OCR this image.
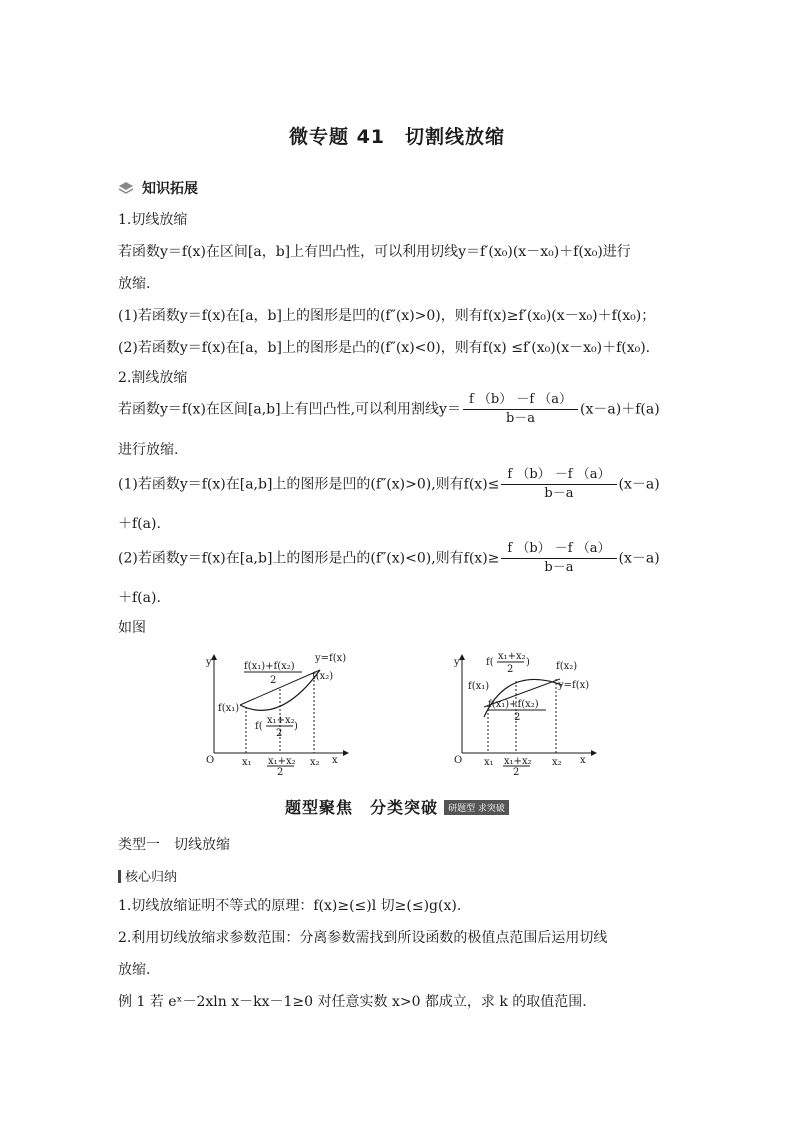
微专题 41　切割线放缩
知识拓展
1.切线放缩
若函数y＝f(x)在区间[a，b]上有凹凸性，可以利用切线y＝f′(x₀)(x－x₀)＋f(x₀)进行
放缩.
(1)若函数y＝f(x)在[a，b]上的图形是凹的(f″(x)>0)，则有f(x)≥f′(x₀)(x－x₀)＋f(x₀)；
(2)若函数y＝f(x)在[a，b]上的图形是凸的(f″(x)<0)，则有f(x) ≤f′(x₀)(x－x₀)＋f(x₀).
2.割线放缩
若函数y＝f(x)在区间[a,b]上有凹凸性,可以利用割线$y= \frac{f (b) -f (a)}{b-a} (x-a)+f(a)$
进行放缩.
(1)若函数y＝f(x)在[a,b]上的图形是凹的(f″(x)>0),则有$f(x)\le \frac{f (b) -f (a)}{b-a} (x-a)$
＋f(a).
(2)若函数y＝f(x)在[a,b]上的图形是凸的(f″(x)<0),则有$f(x)\ge \frac{f (b) -f (a)}{b-a} (x-a)$
＋f(a).
如图
y
O	x
x₁ x₁+x₂
2
x₂
y=f(x)
f(x₂)
f(x₁)
f(x₁)+f(x₂)
2
f(
x₁+x₂
2
)
y
O	x
x₁ x₁+x₂
2
x₂
y=f(x)
f(x₂)
f(x₁)
f(
x₁+x₂
2
)
f(x₁)+f(x₂)
2
题型聚焦　分类突破 研题型 求突破
类型一　切线放缩
核心归纳
1.切线放缩证明不等式的原理：f(x)≥(≤)l 切≥(≤)g(x).
2.利用切线放缩求参数范围：分离参数需找到所设函数的极值点范围后运用切线
放缩.
例 1 若 eˣ－2xln x－kx－1≥0 对任意实数 x>0 都成立，求 k 的取值范围.
